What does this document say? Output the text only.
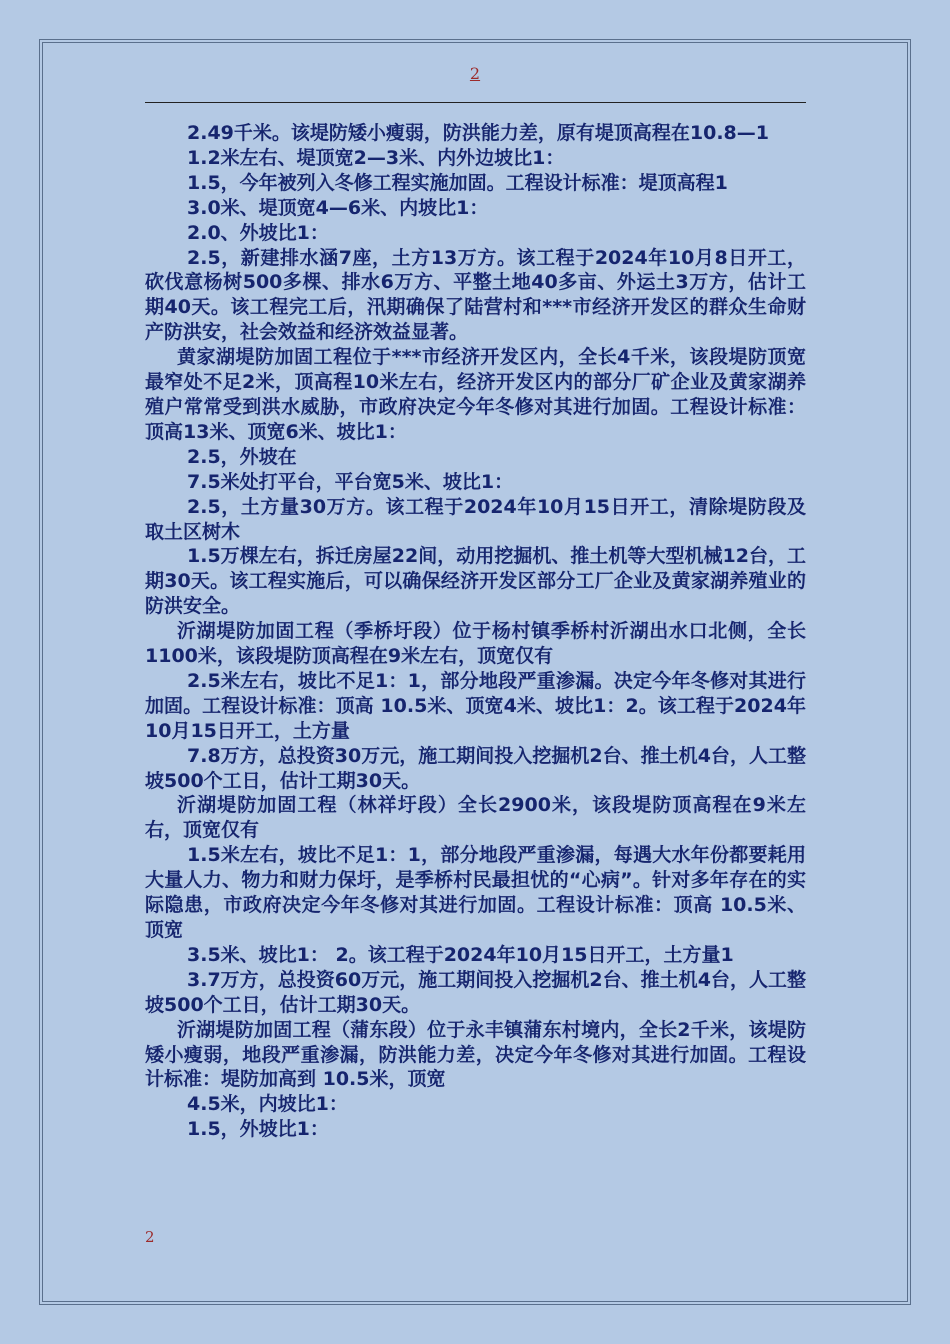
2

2.49千米。该堤防矮小瘦弱，防洪能力差，原有堤顶高程在10.8—1

1.2米左右、堤顶宽2—3米、内外边坡比1：

1.5，今年被列入冬修工程实施加固。工程设计标准：堤顶高程1

3.0米、堤顶宽4—6米、内坡比1：

2.0、外坡比1：

2.5，新建排水涵7座，土方13万方。该工程于2024年10月8日开工，砍伐意杨树500多棵、排水6万方、平整土地40多亩、外运土3万方，估计工期40天。该工程完工后，汛期确保了陆营村和***市经济开发区的群众生命财产防洪安，社会效益和经济效益显著。

黄家湖堤防加固工程位于***市经济开发区内，全长4千米，该段堤防顶宽最窄处不足2米，顶高程10米左右，经济开发区内的部分厂矿企业及黄家湖养殖户常常受到洪水威胁，市政府决定今年冬修对其进行加固。工程设计标准：顶高13米、顶宽6米、坡比1：

2.5，外坡在

7.5米处打平台，平台宽5米、坡比1：

2.5，土方量30万方。该工程于2024年10月15日开工，清除堤防段及取土区树木

1.5万棵左右，拆迁房屋22间，动用挖掘机、推土机等大型机械12台，工期30天。该工程实施后，可以确保经济开发区部分工厂企业及黄家湖养殖业的防洪安全。

沂湖堤防加固工程（季桥圩段）位于杨村镇季桥村沂湖出水口北侧，全长1100米，该段堤防顶高程在9米左右，顶宽仅有

2.5米左右，坡比不足1：1，部分地段严重渗漏。决定今年冬修对其进行加固。工程设计标准：顶高 10.5米、顶宽4米、坡比1：2。该工程于2024年10月15日开工，土方量

7.8万方，总投资30万元，施工期间投入挖掘机2台、推土机4台，人工整坡500个工日，估计工期30天。

沂湖堤防加固工程（林祥圩段）全长2900米，该段堤防顶高程在9米左右，顶宽仅有

1.5米左右，坡比不足1：1，部分地段严重渗漏，每遇大水年份都要耗用大量人力、物力和财力保圩，是季桥村民最担忧的“心病”。针对多年存在的实际隐患，市政府决定今年冬修对其进行加固。工程设计标准：顶高 10.5米、顶宽

3.5米、坡比1： 2。该工程于2024年10月15日开工，土方量1

3.7万方，总投资60万元，施工期间投入挖掘机2台、推土机4台，人工整坡500个工日，估计工期30天。

沂湖堤防加固工程（蒲东段）位于永丰镇蒲东村境内，全长2千米，该堤防矮小瘦弱，地段严重渗漏，防洪能力差，决定今年冬修对其进行加固。工程设计标准：堤防加高到 10.5米，顶宽

4.5米，内坡比1：

1.5，外坡比1：

2
